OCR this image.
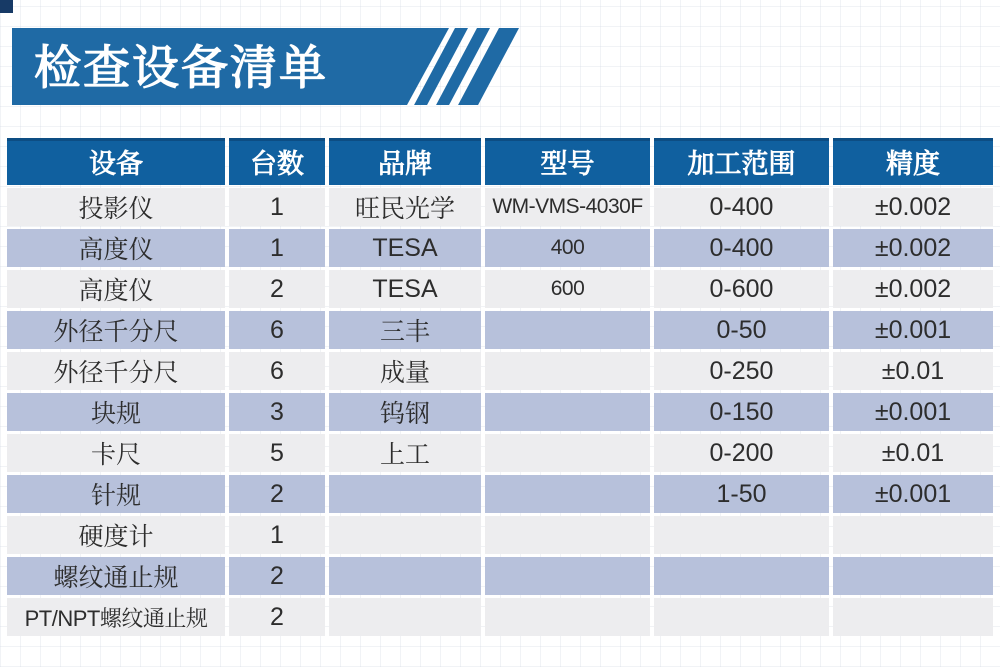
检查设备清单
设备	台数	品牌	型号	加工范围	精度
投影仪	1	旺民光学	WM-VMS-4030F	0-400	±0.002
高度仪	1	TESA	400	0-400	±0.002
高度仪	2	TESA	600	0-600	±0.002
外径千分尺	6	三丰		0-50	±0.001
外径千分尺	6	成量		0-250	±0.01
块规	3	钨钢		0-150	±0.001
卡尺	5	上工		0-200	±0.01
针规	2			1-50	±0.001
硬度计	1				
螺纹通止规	2				
PT/NPT螺纹通止规	2				
